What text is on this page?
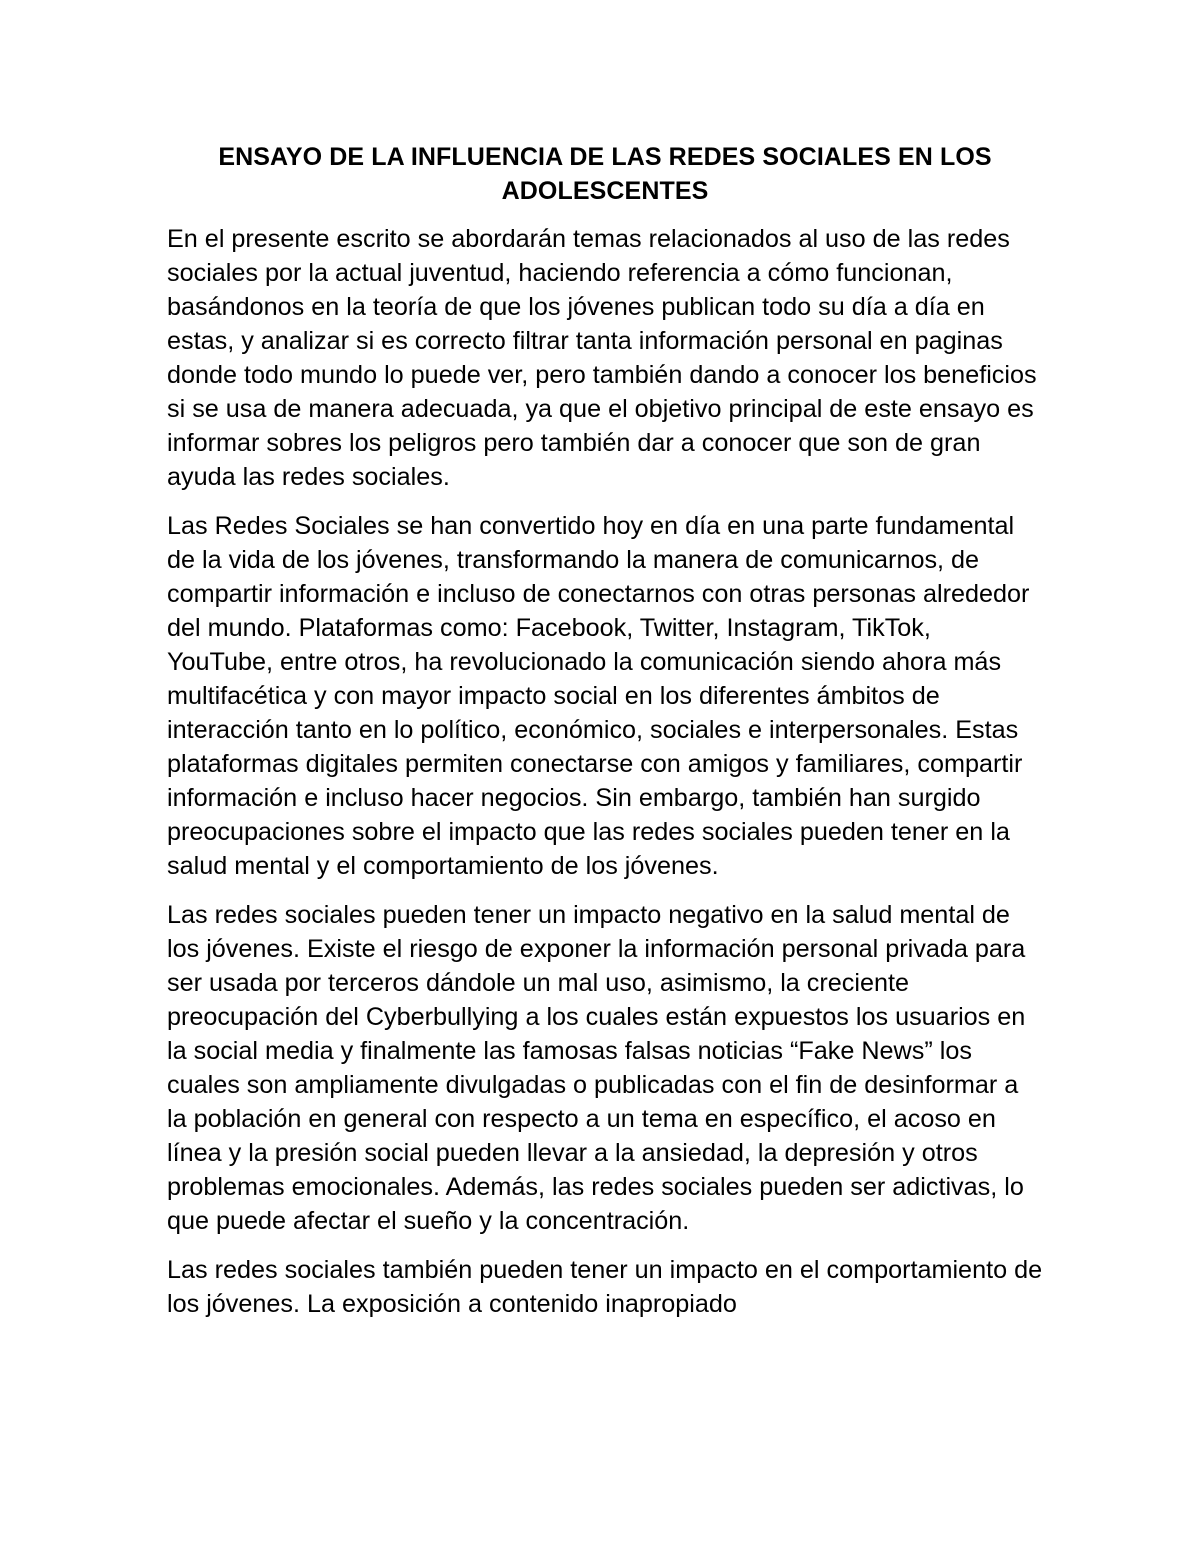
ENSAYO DE LA INFLUENCIA DE LAS REDES SOCIALES EN LOS ADOLESCENTES

En el presente escrito se abordarán temas relacionados al uso de las redes sociales por la actual juventud, haciendo referencia a cómo funcionan, basándonos en la teoría de que los jóvenes publican todo su día a día en estas, y analizar si es correcto filtrar tanta información personal en paginas donde todo mundo lo puede ver, pero también dando a conocer los beneficios si se usa de manera adecuada, ya que el objetivo principal de este ensayo es informar sobres los peligros pero también dar a conocer que son de gran ayuda las redes sociales.

Las Redes Sociales se han convertido hoy en día en una parte fundamental de la vida de los jóvenes, transformando la manera de comunicarnos, de compartir información e incluso de conectarnos con otras personas alrededor del mundo. Plataformas como: Facebook, Twitter, Instagram, TikTok, YouTube, entre otros, ha revolucionado la comunicación siendo ahora más multifacética y con mayor impacto social en los diferentes ámbitos de interacción tanto en lo político, económico, sociales e interpersonales. Estas plataformas digitales permiten conectarse con amigos y familiares, compartir información e incluso hacer negocios. Sin embargo, también han surgido preocupaciones sobre el impacto que las redes sociales pueden tener en la salud mental y el comportamiento de los jóvenes.

Las redes sociales pueden tener un impacto negativo en la salud mental de los jóvenes. Existe el riesgo de exponer la información personal privada para ser usada por terceros dándole un mal uso, asimismo, la creciente preocupación del Cyberbullying a los cuales están expuestos los usuarios en la social media y finalmente las famosas falsas noticias “Fake News” los cuales son ampliamente divulgadas o publicadas con el fin de desinformar a la población en general con respecto a un tema en específico, el acoso en línea y la presión social pueden llevar a la ansiedad, la depresión y otros problemas emocionales. Además, las redes sociales pueden ser adictivas, lo que puede afectar el sueño y la concentración.

Las redes sociales también pueden tener un impacto en el comportamiento de los jóvenes. La exposición a contenido inapropiado
